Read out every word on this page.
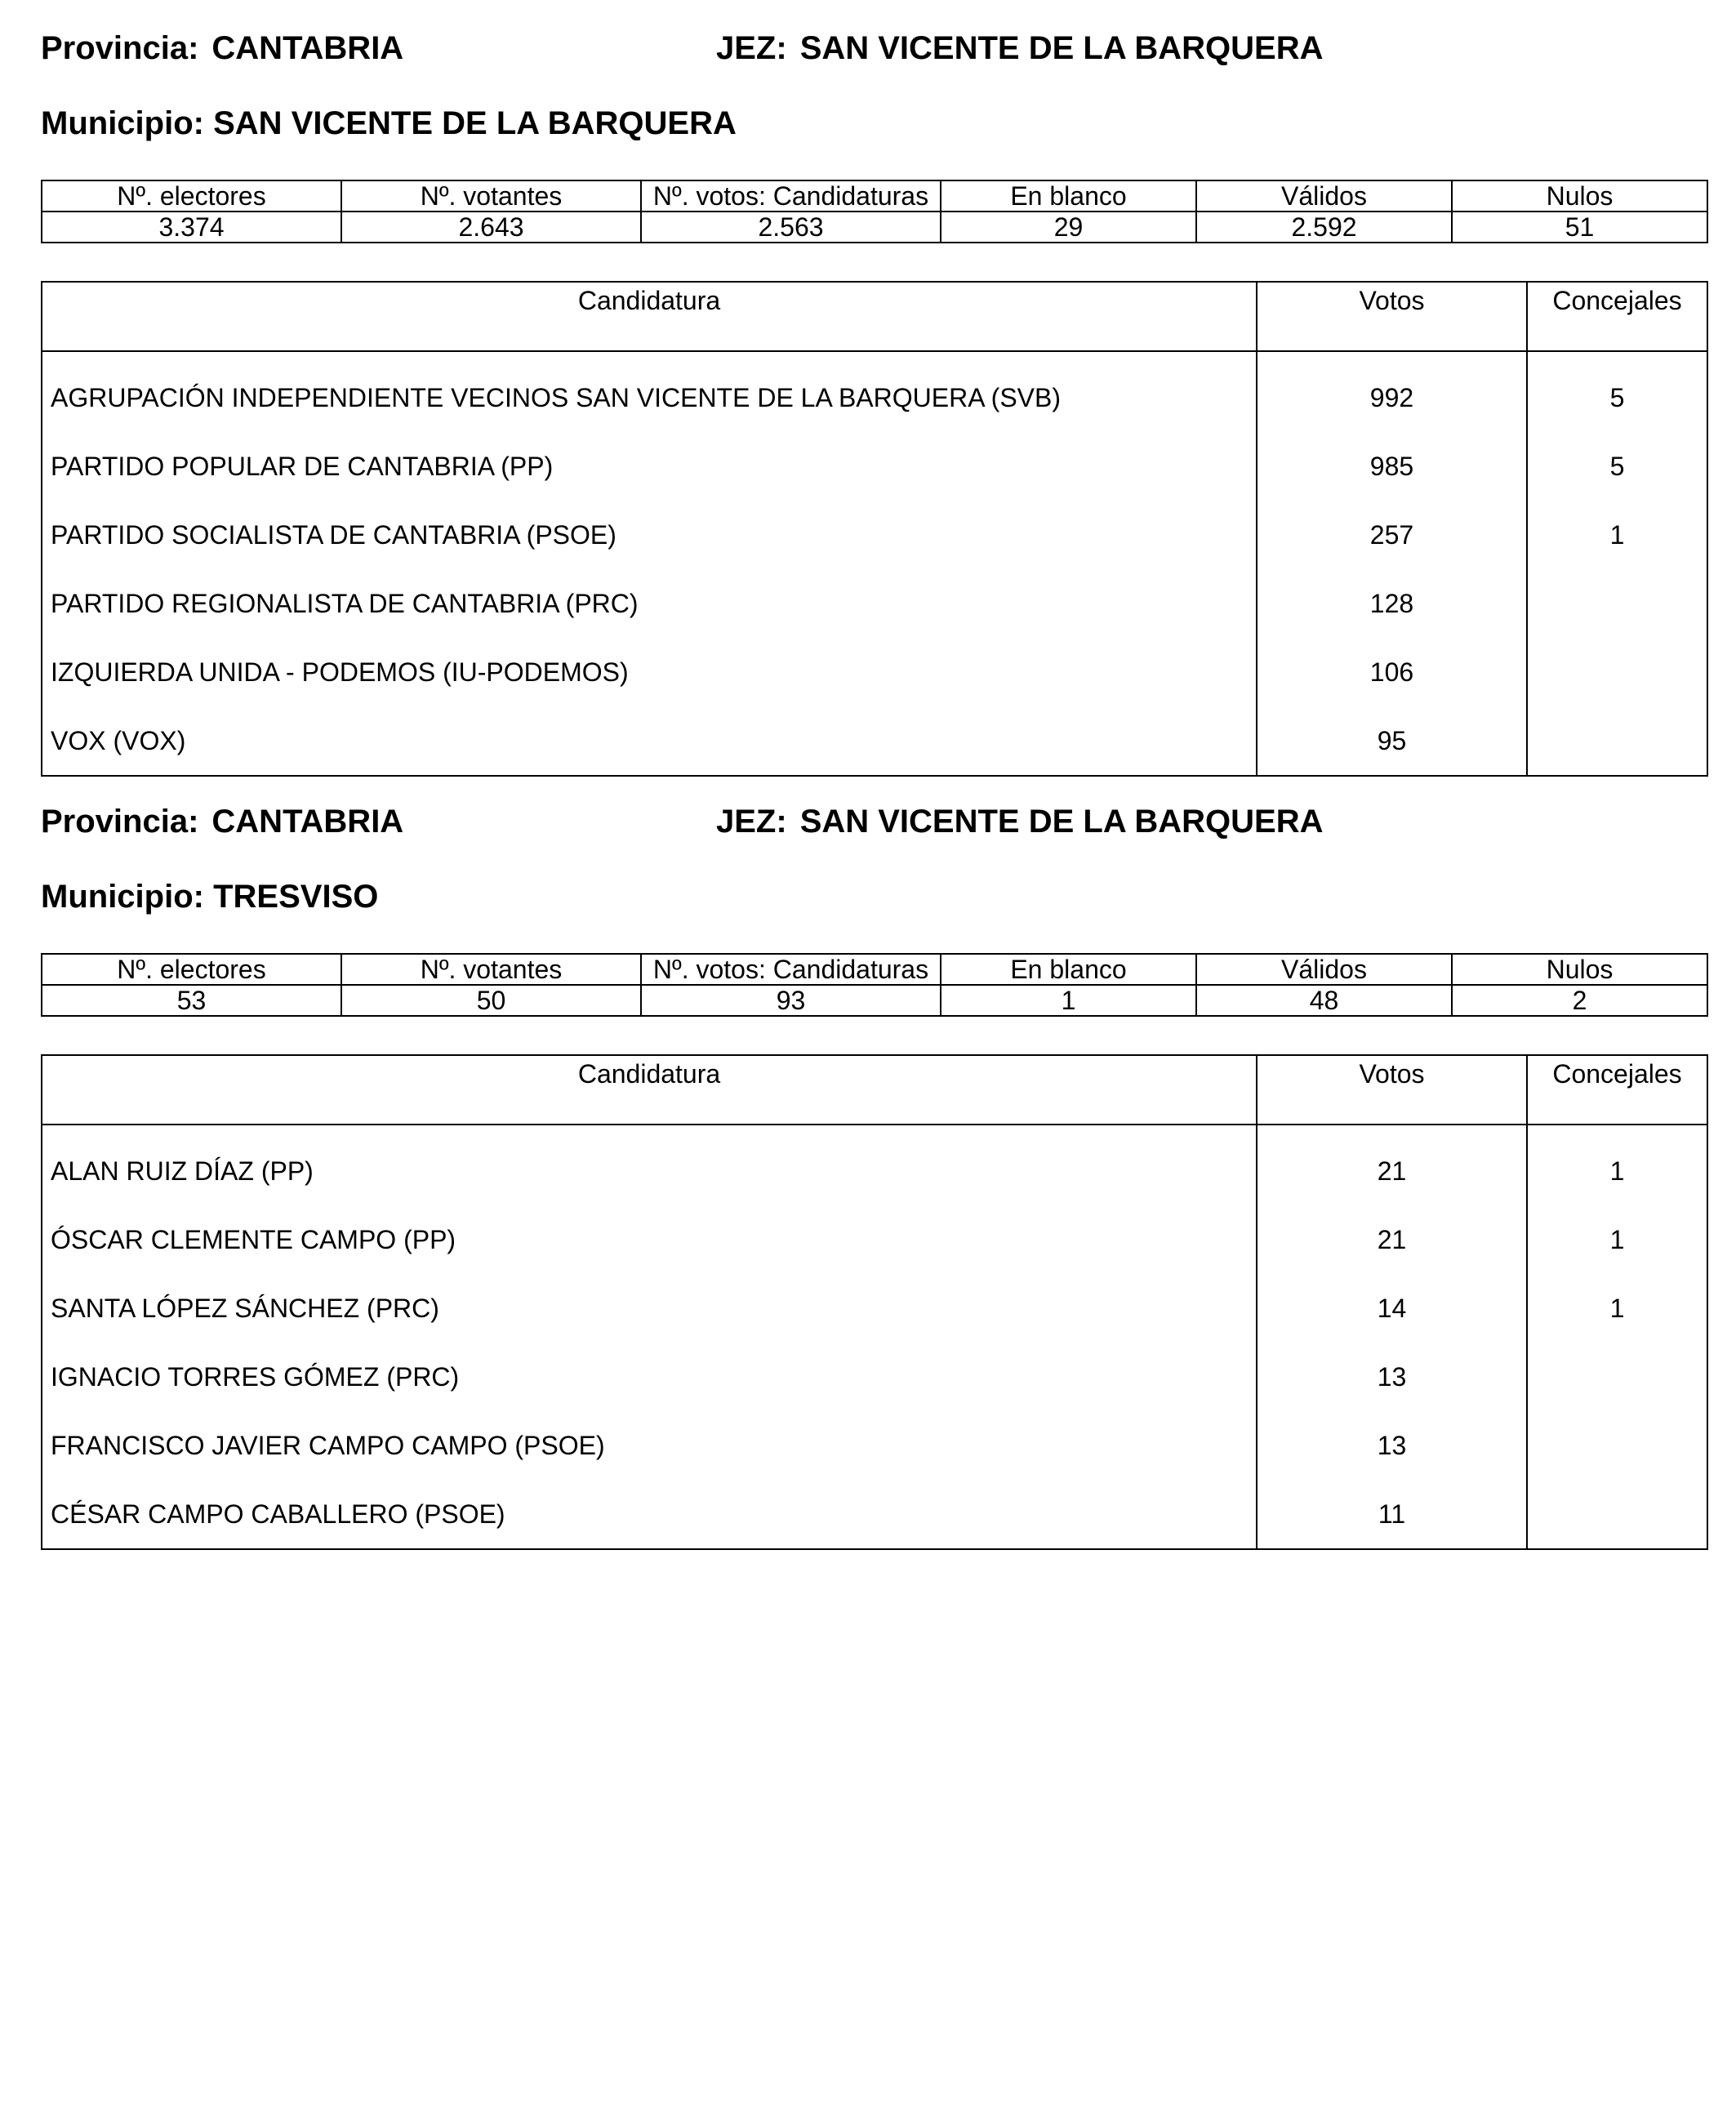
Provincia: CANTABRIA	JEZ: SAN VICENTE DE LA BARQUERA
Municipio: SAN VICENTE DE LA BARQUERA
Nº. electores	Nº. votantes	Nº. votos: Candidaturas	En blanco	Válidos	Nulos
3.374	2.643	2.563	29	2.592	51
Candidatura	Votos	Concejales
AGRUPACIÓN INDEPENDIENTE VECINOS SAN VICENTE DE LA BARQUERA (SVB)	992	5
PARTIDO POPULAR DE CANTABRIA (PP)	985	5
PARTIDO SOCIALISTA DE CANTABRIA (PSOE)	257	1
PARTIDO REGIONALISTA DE CANTABRIA (PRC)	128	
IZQUIERDA UNIDA - PODEMOS (IU-PODEMOS)	106	
VOX (VOX)	95	
Provincia: CANTABRIA	JEZ: SAN VICENTE DE LA BARQUERA
Municipio: TRESVISO
Nº. electores	Nº. votantes	Nº. votos: Candidaturas	En blanco	Válidos	Nulos
53	50	93	1	48	2
Candidatura	Votos	Concejales
ALAN RUIZ DÍAZ (PP)	21	1
ÓSCAR CLEMENTE CAMPO (PP)	21	1
SANTA LÓPEZ SÁNCHEZ (PRC)	14	1
IGNACIO TORRES GÓMEZ (PRC)	13	
FRANCISCO JAVIER CAMPO CAMPO (PSOE)	13	
CÉSAR CAMPO CABALLERO (PSOE)	11	
